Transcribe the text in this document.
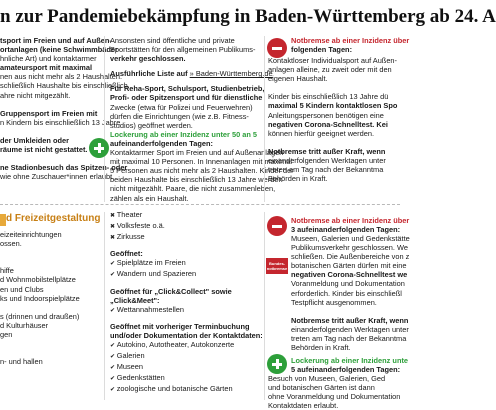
n zur Pandemiebekämpfung in Baden-Württemberg ab 24. A

tsport im Freien und auf Außen-

ortanlagen (keine Schwimmbäder

hnliche Art) und kontaktarmer

amateursport mit maximal

nen aus nicht mehr als 2 Haushalten.

schließlich Haushalte bis einschließlich

ahre nicht mitgezählt.

Gruppensport im Freien mit

n Kindern bis einschließlich 13 Jahre

der Umkleiden oder

räume ist nicht gestattet.

ne Stadionbesuch das Spitzen- oder

wie ohne Zuschauer*innen erlaubt.

Ansonsten sind öffentliche und private

Sportstätten für den allgemeinen Publikums-

verkehr geschlossen.

Ausführliche Liste auf » Baden-Württemberg.de

Für Reha-Sport, Schulsport, Studienbetrieb,

Profi- oder Spitzensport und für dienstliche

Zwecke (etwa für Polizei und Feuerwehren)

dürfen die Einrichtungen (wie z.B. Fitness-

studios) geöffnet werden.

Lockerung ab einer Inzidenz unter 50 an 5

aufeinanderfolgenden Tagen:

Kontaktarmer Sport im Freien und auf Außenanlagen

mit maximal 10 Personen. In Innenanlagen mit maximal

5 Personen aus nicht mehr als 2 Haushalten. Kinder der

beiden Haushalte bis einschließlich 13 Jahre werden

nicht mitgezählt. Paare, die nicht zusammenleben,

zählen als ein Haushalt.

Notbremse ab einer Inzidenz über

folgenden Tagen:

Kontaktloser Individualsport auf Außen-

anlagen alleine, zu zweit oder mit den

eigenen Haushalt.

Kinder bis einschließlich 13 Jahre dü

maximal 5 Kindern kontaktlosen Spo

Anleitungspersonen benötigen eine

negativen Corona-Schnelltest. Kei

können hierfür geeignet werden.

Notbremse tritt außer Kraft, wenn

einanderfolgenden Werktagen unter

treten am Tag nach der Bekanntma

Behörden in Kraft.

d Freizeitgestaltung

eizeiteinrichtungen

ossen.

hiffe

d Wohnmobilstellplätze

en und Clubs

ks und Indoorspielplätze

s (drinnen und draußen)

d Kulturhäuser

gen

n- und hallen

✖ Theater

✖ Volksfeste o.ä.

✖ Zirkusse

Geöffnet:

✔ Spielplätze im Freien

✔ Wandern und Spazieren

Geöffnet für „Click&Collect" sowie

„Click&Meet":

✔ Wettannahmestellen

Geöffnet mit vorheriger Terminbuchung

und/oder Dokumentation der Kontaktdaten:

✔ Autokino, Autotheater, Autokonzerte

✔ Galerien

✔ Museen

✔ Gedenkstätten

✔ zoologische und botanische Gärten

Bundes-notbremse

Notbremse ab einer Inzidenz über

3 aufeinanderfolgenden Tagen:

Museen, Galerien und Gedenkstätte

Publikumsverkehr geschlossen. We

schließen. Die Außenbereiche von z

botanischen Gärten dürfen mit eine

negativen Corona-Schnelltest we

Voranmeldung und Dokumentation

erforderlich. Kinder bis einschließl

Testpflicht ausgenommen.

Notbremse tritt außer Kraft, wenn

einanderfolgenden Werktagen unter

treten am Tag nach der Bekanntma

Behörden in Kraft.

Lockerung ab einer Inzidenz unte

5 aufeinanderfolgenden Tagen:

Besuch von Museen, Galerien, Ged

und botanischen Gärten ist dann

ohne Voranmeldung und Dokumentation

Kontaktdaten erlaubt.
